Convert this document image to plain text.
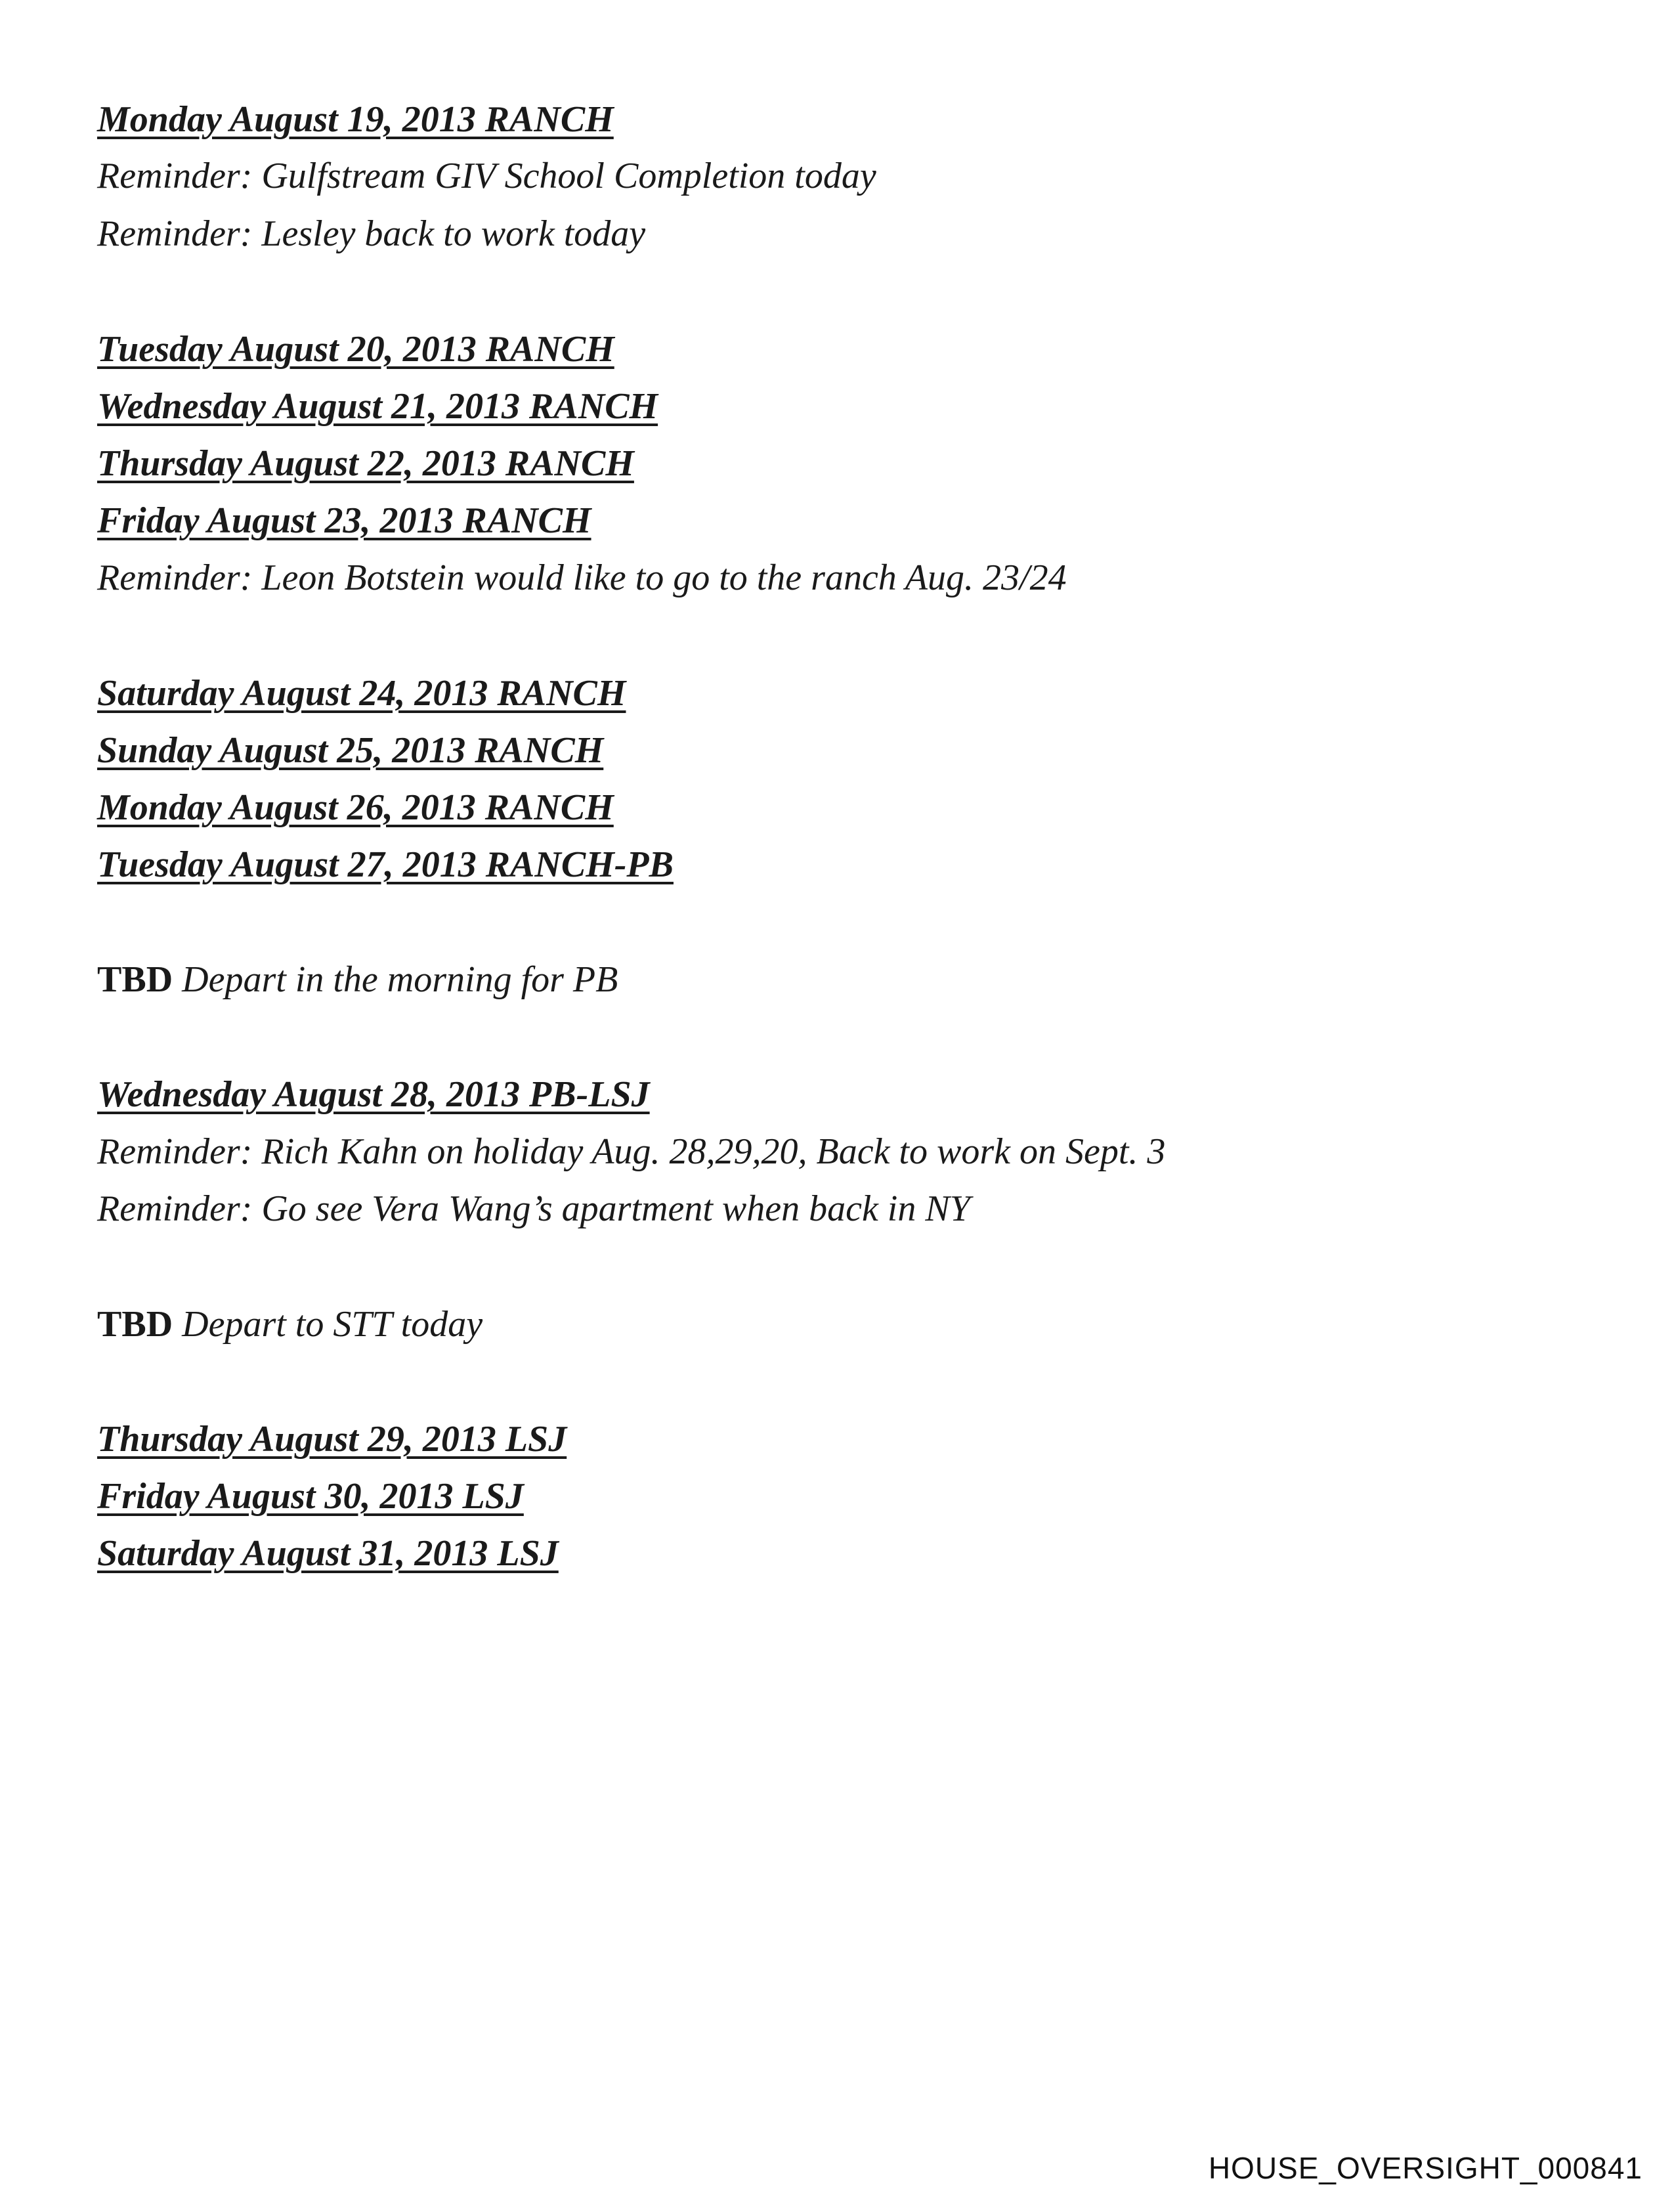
Monday August 19, 2013 RANCH
Reminder: Gulfstream GIV School Completion today
Reminder: Lesley back to work today
Tuesday August 20, 2013 RANCH
Wednesday August 21, 2013 RANCH
Thursday August 22, 2013 RANCH
Friday August 23, 2013 RANCH
Reminder: Leon Botstein would like to go to the ranch Aug. 23/24
Saturday August 24, 2013 RANCH
Sunday August 25, 2013 RANCH
Monday August 26, 2013 RANCH
Tuesday August 27, 2013 RANCH-PB
TBD Depart in the morning for PB
Wednesday August 28, 2013 PB-LSJ
Reminder: Rich Kahn on holiday Aug. 28,29,20, Back to work on Sept. 3
Reminder: Go see Vera Wang’s apartment when back in NY
TBD Depart to STT today
Thursday August 29, 2013 LSJ
Friday August 30, 2013 LSJ
Saturday August 31, 2013 LSJ
HOUSE_OVERSIGHT_000841
